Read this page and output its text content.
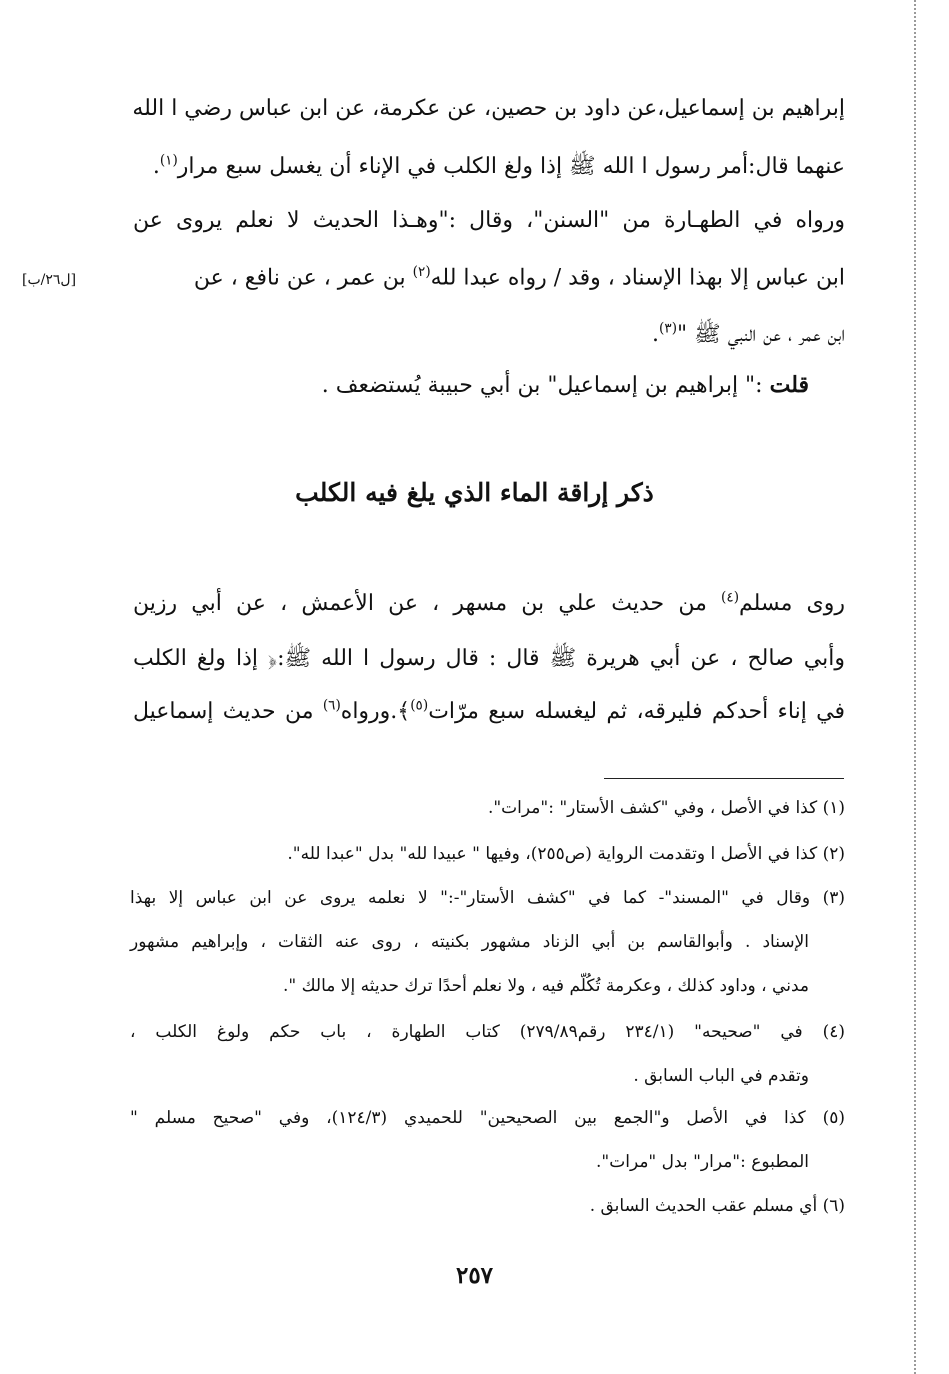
إبراهيم بن إسماعيل،عن داود بن حصين، عن عكرمة، عن ابن عباس رضي ا الله

عنهما قال:أمر رسول ا الله ﷺ إذا ولغ الكلب في الإناء أن يغسل سبع مرار$^{(١)}$.

ورواه في الطهـارة من "السنن"، وقال :"وهـذا الحديث لا نعلم يروى عن

ابن عباس إلا بهذا الإسناد ، وقد / رواه عبدا لله$^{(٢)}$ بن عمر ، عن نافع ، عن

[ل٢٦/ب]

ابن عمر ، عن النبي ﷺ "$^{(٣)}$.

قلت :" إبراهيم بن إسماعيل" بن أبي حبيبة يُستضعف .

ذكر إراقة الماء الذي يلغ فيه الكلب

روى مسلم$^{(٤)}$ من حديث علي بن مسهر ، عن الأعمش ، عن أبي رزين

وأبي صالح ، عن أبي هريرة ﷺ قال : قال رسول ا الله ﷺ:﴿ إذا ولغ الكلب

في إناء أحدكم فليرقه، ثم ليغسله سبع مرّات$^{(٥)}$﴾.ورواه$^{(٦)}$ من حديث إسماعيل

(١) كذا في الأصل ، وفي "كشف الأستار" :"مرات".

(٢) كذا في الأصل ا وتقدمت الرواية (ص٢٥٥)، وفيها " عبيدا لله" بدل "عبدا لله".

(٣) وقال في "المسند"- كما في "كشف الأستار"-:" لا نعلمه يروى عن ابن عباس إلا بهذا

الإسناد . وأبوالقاسم بن أبي الزناد مشهور بكنيته ، روى عنه الثقات ، وإبراهيم مشهور

مدني ، وداود كذلك ، وعكرمة تُكُلّم فيه ، ولا نعلم أحدًا ترك حديثه إلا مالك ".

(٤) في "صحيحه" (٢٣٤/١ رقم٢٧٩/٨٩) كتاب الطهارة ، باب حكم ولوغ الكلب ،

وتقدم في الباب السابق .

(٥) كذا في الأصل و"الجمع بين الصحيحين" للحميدي (١٢٤/٣)، وفي "صحيح مسلم "

المطبوع :"مرار" بدل "مرات".

(٦) أي مسلم عقب الحديث السابق .

٢٥٧
